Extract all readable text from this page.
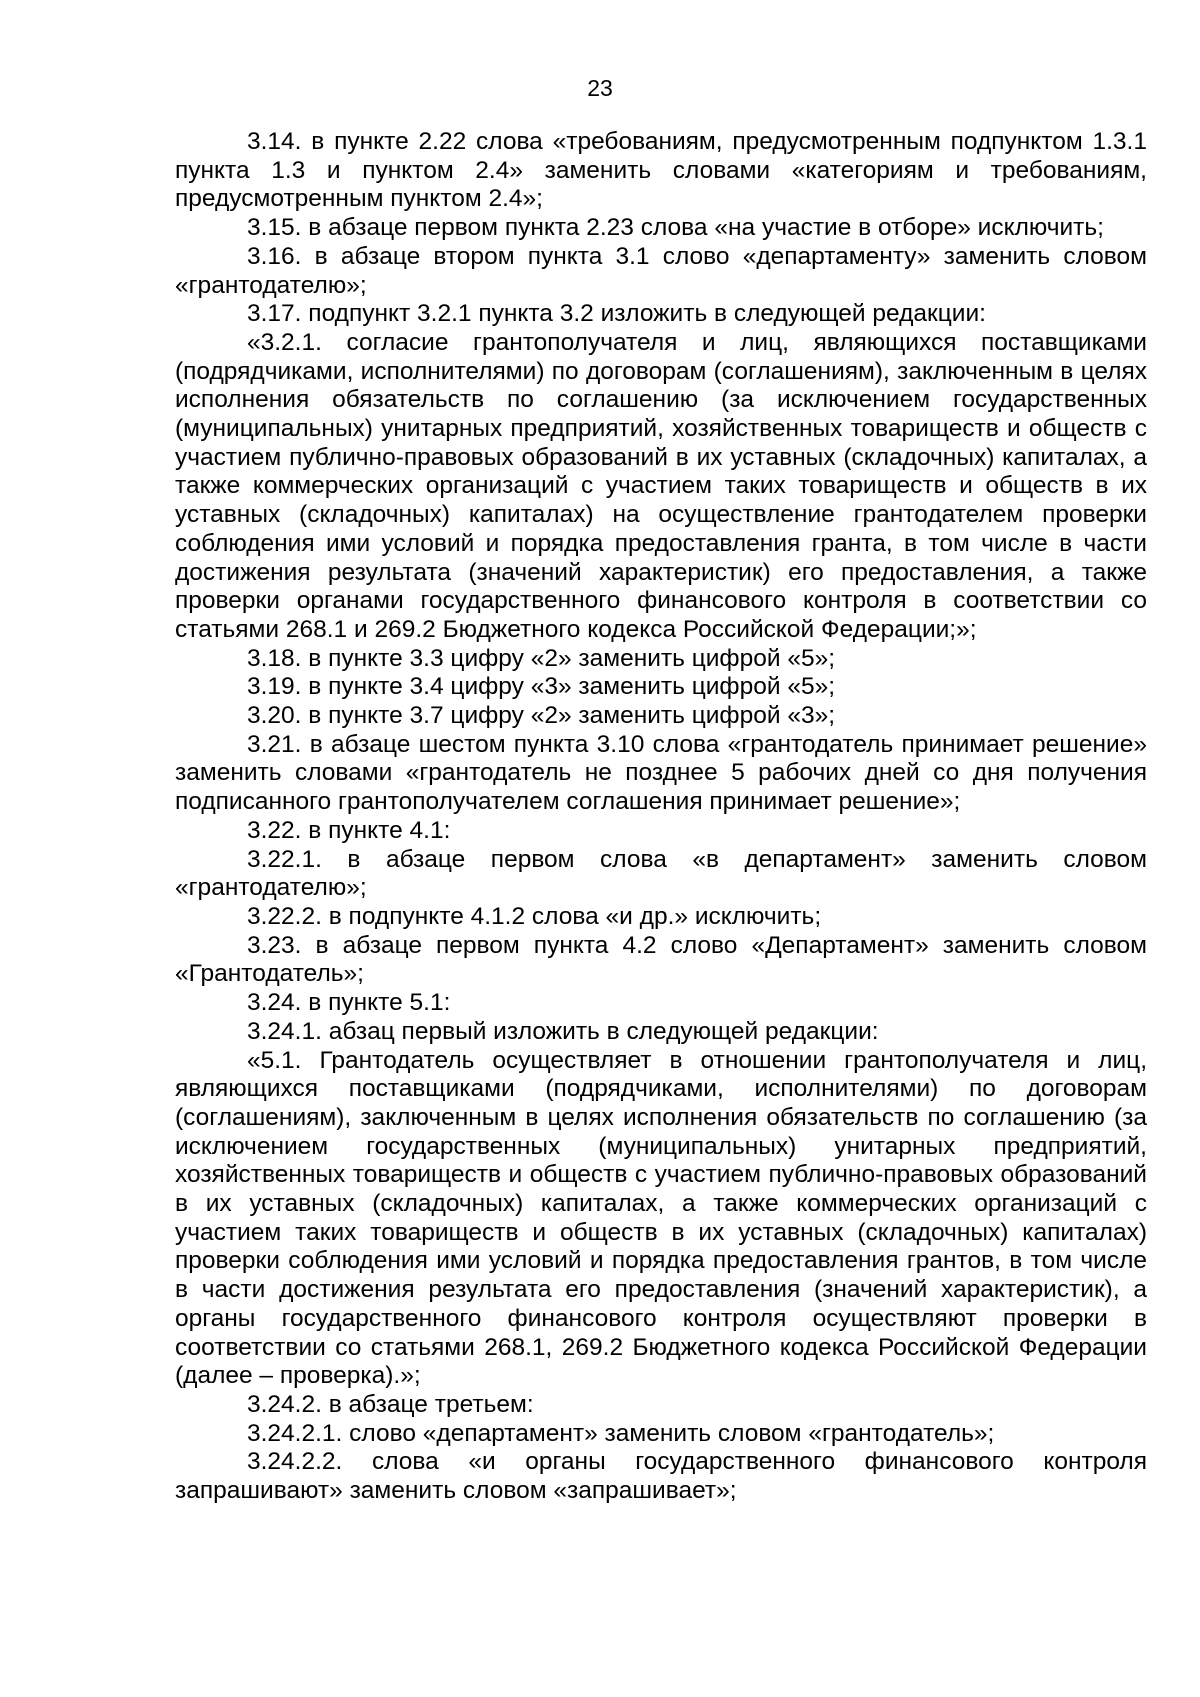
23

3.14. в пункте 2.22 слова «требованиям, предусмотренным подпунктом 1.3.1 пункта 1.3 и пунктом 2.4» заменить словами «категориям и требованиям, предусмотренным пунктом 2.4»;

3.15. в абзаце первом пункта 2.23 слова «на участие в отборе» исключить;

3.16. в абзаце втором пункта 3.1 слово «департаменту» заменить словом «грантодателю»;

3.17. подпункт 3.2.1 пункта 3.2 изложить в следующей редакции:

«3.2.1. согласие грантополучателя и лиц, являющихся поставщиками (подрядчиками, исполнителями) по договорам (соглашениям), заключенным в целях исполнения обязательств по соглашению (за исключением государственных (муниципальных) унитарных предприятий, хозяйственных товариществ и обществ с участием публично-правовых образований в их уставных (складочных) капиталах, а также коммерческих организаций с участием таких товариществ и обществ в их уставных (складочных) капиталах) на осуществление грантодателем проверки соблюдения ими условий и порядка предоставления гранта, в том числе в части достижения результата (значений характеристик) его предоставления, а также проверки органами государственного финансового контроля в соответствии со статьями 268.1 и 269.2 Бюджетного кодекса Российской Федерации;»;

3.18. в пункте 3.3 цифру «2» заменить цифрой «5»;

3.19. в пункте 3.4 цифру «3» заменить цифрой «5»;

3.20. в пункте 3.7 цифру «2» заменить цифрой «3»;

3.21. в абзаце шестом пункта 3.10 слова «грантодатель принимает решение» заменить словами «грантодатель не позднее 5 рабочих дней со дня получения подписанного грантополучателем соглашения принимает решение»;

3.22. в пункте 4.1:

3.22.1. в абзаце первом слова «в департамент» заменить словом «грантодателю»;

3.22.2. в подпункте 4.1.2 слова «и др.» исключить;

3.23. в абзаце первом пункта 4.2 слово «Департамент» заменить словом «Грантодатель»;

3.24. в пункте 5.1:

3.24.1. абзац первый изложить в следующей редакции:

«5.1. Грантодатель осуществляет в отношении грантополучателя и лиц, являющихся поставщиками (подрядчиками, исполнителями) по договорам (соглашениям), заключенным в целях исполнения обязательств по соглашению (за исключением государственных (муниципальных) унитарных предприятий, хозяйственных товариществ и обществ с участием публично-правовых образований в их уставных (складочных) капиталах, а также коммерческих организаций с участием таких товариществ и обществ в их уставных (складочных) капиталах) проверки соблюдения ими условий и порядка предоставления грантов, в том числе в части достижения результата его предоставления (значений характеристик), а органы государственного финансового контроля осуществляют проверки в соответствии со статьями 268.1, 269.2 Бюджетного кодекса Российской Федерации (далее – проверка).»;

3.24.2. в абзаце третьем:

3.24.2.1. слово «департамент» заменить словом «грантодатель»;

3.24.2.2. слова «и органы государственного финансового контроля запрашивают» заменить словом «запрашивает»;
